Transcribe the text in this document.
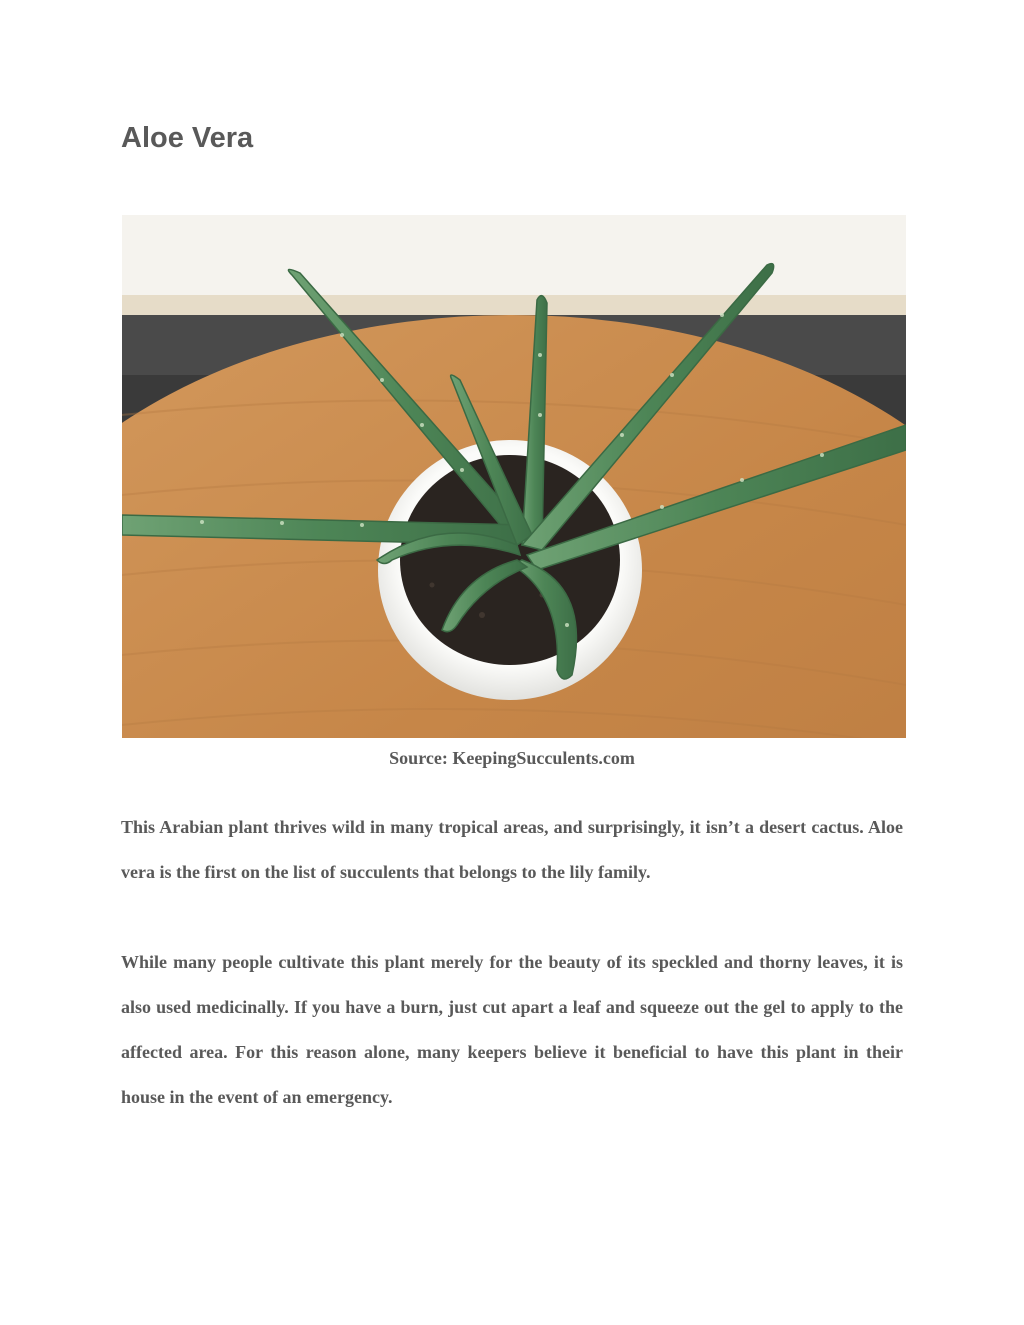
Aloe Vera
Source: KeepingSucculents.com

This Arabian plant thrives wild in many tropical areas, and surprisingly, it isn’t a desert cactus. Aloe vera is the first on the list of succulents that belongs to the lily family.

While many people cultivate this plant merely for the beauty of its speckled and thorny leaves, it is also used medicinally. If you have a burn, just cut apart a leaf and squeeze out the gel to apply to the affected area. For this reason alone, many keepers believe it beneficial to have this plant in their house in the event of an emergency.
